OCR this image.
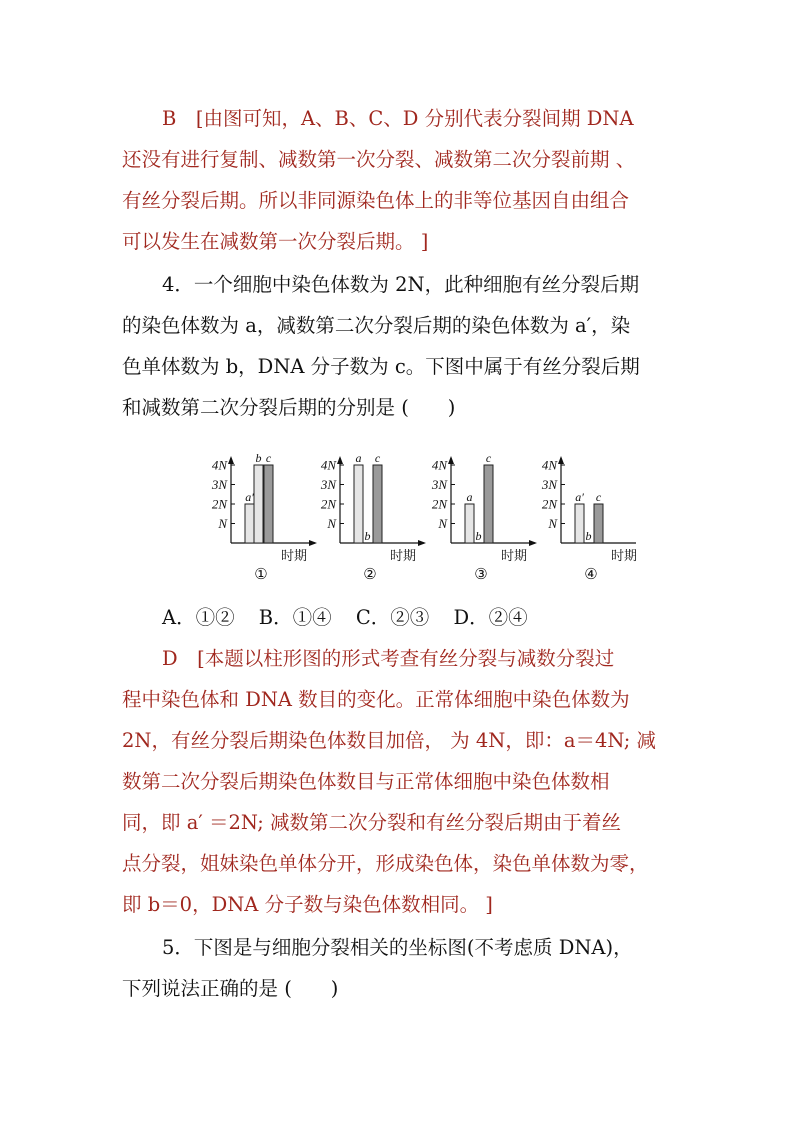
B　[由图可知，A、B、C、D 分别代表分裂间期 DNA
还没有进行复制、减数第一次分裂、减数第二次分裂前期 、
有丝分裂后期。所以非同源染色体上的非等位基因自由组合
可以发生在减数第一次分裂后期。 ]
4．一个细胞中染色体数为 2N，此种细胞有丝分裂后期
的染色体数为 a，减数第二次分裂后期的染色体数为 a′，染
色单体数为 b，DNA 分子数为 c。下图中属于有丝分裂后期
和减数第二次分裂后期的分别是 (　　)
N
2N
3N
4N
a′
b c
时期
①
N
2N
3N
4N a
b
c
时期
②
N
2N
3N
4N
a
b
c
时期
③
N
2N
3N
4N
a′
b
c
时期
④
A．①② B．①④ C．②③ D．②④
D　[本题以柱形图的形式考查有丝分裂与减数分裂过
程中染色体和 DNA 数目的变化。正常体细胞中染色体数为
2N，有丝分裂后期染色体数目加倍， 为 4N，即：a＝4N; 减
数第二次分裂后期染色体数目与正常体细胞中染色体数相
同，即 a′ ＝2N; 减数第二次分裂和有丝分裂后期由于着丝
点分裂，姐妹染色单体分开，形成染色体，染色单体数为零，
即 b＝0，DNA 分子数与染色体数相同。 ]
5．下图是与细胞分裂相关的坐标图(不考虑质 DNA)，
下列说法正确的是 (　　)
